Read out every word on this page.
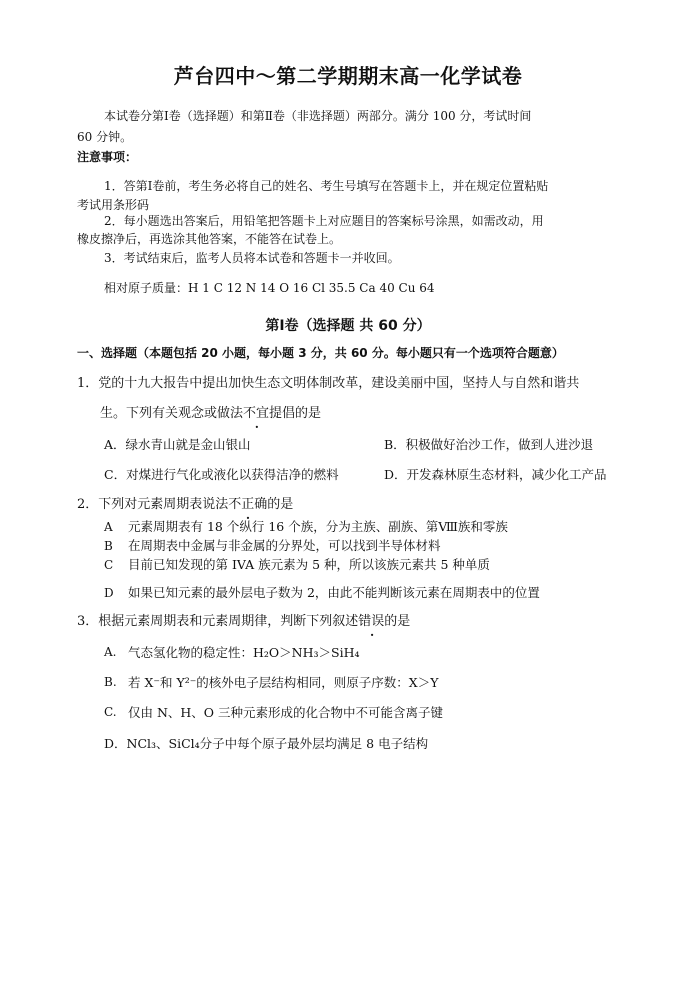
芦台四中～第二学期期末高一化学试卷
本试卷分第Ⅰ卷（选择题）和第Ⅱ卷（非选择题）两部分。满分 100 分，考试时间
60 分钟。
注意事项：
1．答第Ⅰ卷前，考生务必将自己的姓名、考生号填写在答题卡上，并在规定位置粘贴
考试用条形码
2．每小题选出答案后，用铅笔把答题卡上对应题目的答案标号涂黑，如需改动，用
橡皮擦净后，再选涂其他答案，不能答在试卷上。
3．考试结束后，监考人员将本试卷和答题卡一并收回。
相对原子质量：H 1 C 12 N 14 O 16 Cl 35.5 Ca 40 Cu 64
第Ⅰ卷（选择题 共 60 分）
一、选择题（本题包括 20 小题，每小题 3 分，共 60 分。每小题只有一个选项符合题意）
1．党的十九大报告中提出加快生态文明体制改革，建设美丽中国，坚持人与自然和谐共
生。下列有关观念或做法不宜提倡的是
A．绿水青山就是金山银山	B．积极做好治沙工作，做到人进沙退
C．对煤进行气化或液化以获得洁净的燃料	D．开发森林原生态材料，减少化工产品
2．下列对元素周期表说法不正确的是
A 元素周期表有 18 个纵行 16 个族，分为主族、副族、第Ⅷ族和零族
B 在周期表中金属与非金属的分界处，可以找到半导体材料
C 目前已知发现的第 IVA 族元素为 5 种，所以该族元素共 5 种单质
D 如果已知元素的最外层电子数为 2，由此不能判断该元素在周期表中的位置
3．根据元素周期表和元素周期律，判断下列叙述错误的是
A. 气态氢化物的稳定性：H₂O＞NH₃＞SiH₄
B. 若 X⁻和 Y²⁻的核外电子层结构相同，则原子序数：X＞Y
C. 仅由 N、H、O 三种元素形成的化合物中不可能含离子键
D．NCl₃、SiCl₄分子中每个原子最外层均满足 8 电子结构
